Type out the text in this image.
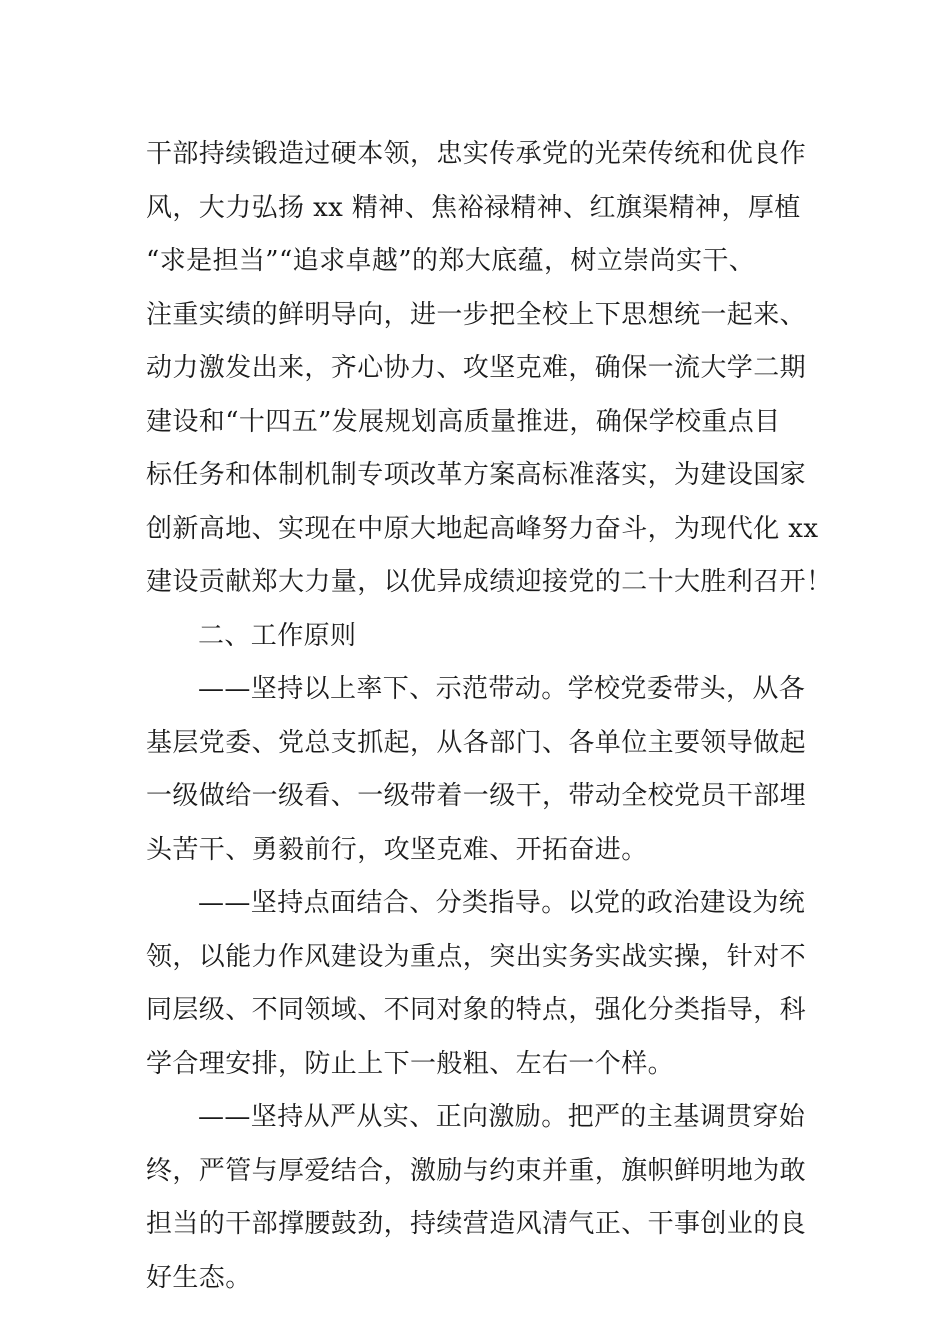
干部持续锻造过硬本领，忠实传承党的光荣传统和优良作
风，大力弘扬 xx 精神、焦裕禄精神、红旗渠精神，厚植
“求是担当”“追求卓越”的郑大底蕴，树立崇尚实干、
注重实绩的鲜明导向，进一步把全校上下思想统一起来、
动力激发出来，齐心协力、攻坚克难，确保一流大学二期
建设和“十四五”发展规划高质量推进，确保学校重点目
标任务和体制机制专项改革方案高标准落实，为建设国家
创新高地、实现在中原大地起高峰努力奋斗，为现代化 xx
建设贡献郑大力量，以优异成绩迎接党的二十大胜利召开！
二、工作原则
——坚持以上率下、示范带动。学校党委带头，从各
基层党委、党总支抓起，从各部门、各单位主要领导做起
一级做给一级看、一级带着一级干，带动全校党员干部埋
头苦干、勇毅前行，攻坚克难、开拓奋进。
——坚持点面结合、分类指导。以党的政治建设为统
领，以能力作风建设为重点，突出实务实战实操，针对不
同层级、不同领域、不同对象的特点，强化分类指导，科
学合理安排，防止上下一般粗、左右一个样。
——坚持从严从实、正向激励。把严的主基调贯穿始
终，严管与厚爱结合，激励与约束并重，旗帜鲜明地为敢
担当的干部撑腰鼓劲，持续营造风清气正、干事创业的良
好生态。
